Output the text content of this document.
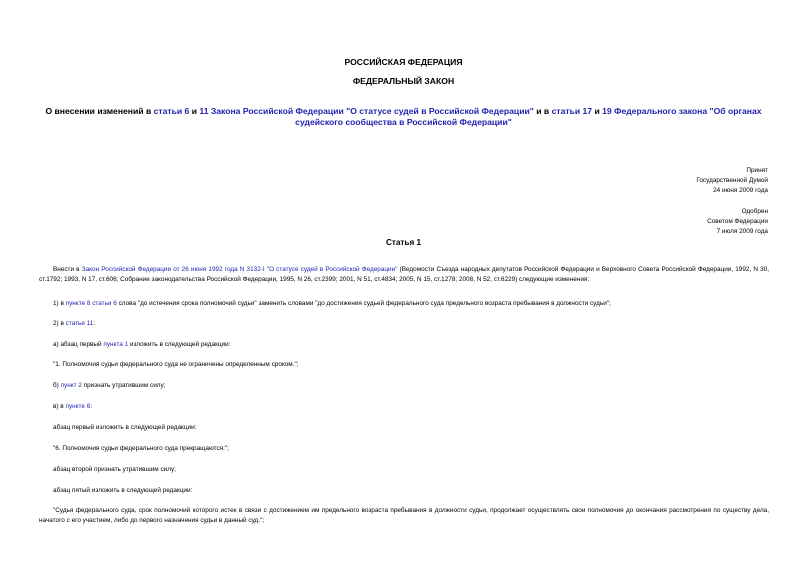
РОССИЙСКАЯ ФЕДЕРАЦИЯ
ФЕДЕРАЛЬНЫЙ ЗАКОН
О внесении изменений в статьи 6 и 11 Закона Российской Федерации "О статусе судей в Российской Федерации" и в статьи 17 и 19 Федерального закона "Об органах судейского сообщества в Российской Федерации"
Принят
Государственной Думой
24 июня 2009 года
Одобрен
Советом Федерации
7 июля 2009 года
Статья 1

Внести в Закон Российской Федерации от 26 июня 1992 года N 3132-I "О статусе судей в Российской Федерации" (Ведомости Съезда народных депутатов Российской Федерации и Верховного Совета Российской Федерации, 1992, N 30, ст.1792; 1993, N 17, ст.606; Собрание законодательства Российской Федерации, 1995, N 26, ст.2399; 2001, N 51, ст.4834; 2005, N 15, ст.1278; 2008, N 52, ст.6229) следующие изменения:

1) в пункте 8 статьи 6 слова "до истечения срока полномочий судьи" заменить словами "до достижения судьей федерального суда предельного возраста пребывания в должности судьи";

2) в статье 11:

а) абзац первый пункта 1 изложить в следующей редакции:

"1. Полномочия судьи федерального суда не ограничены определенным сроком.";

б) пункт 2 признать утратившим силу;

в) в пункте 6:

абзац первый изложить в следующей редакции:

"6. Полномочия судьи федерального суда прекращаются:";

абзац второй признать утратившим силу;

абзац пятый изложить в следующей редакции:

"Судья федерального суда, срок полномочий которого истек в связи с достижением им предельного возраста пребывания в должности судьи, продолжает осуществлять свои полномочия до окончания рассмотрения по существу дела, начатого с его участием, либо до первого назначения судьи в данный суд.";
